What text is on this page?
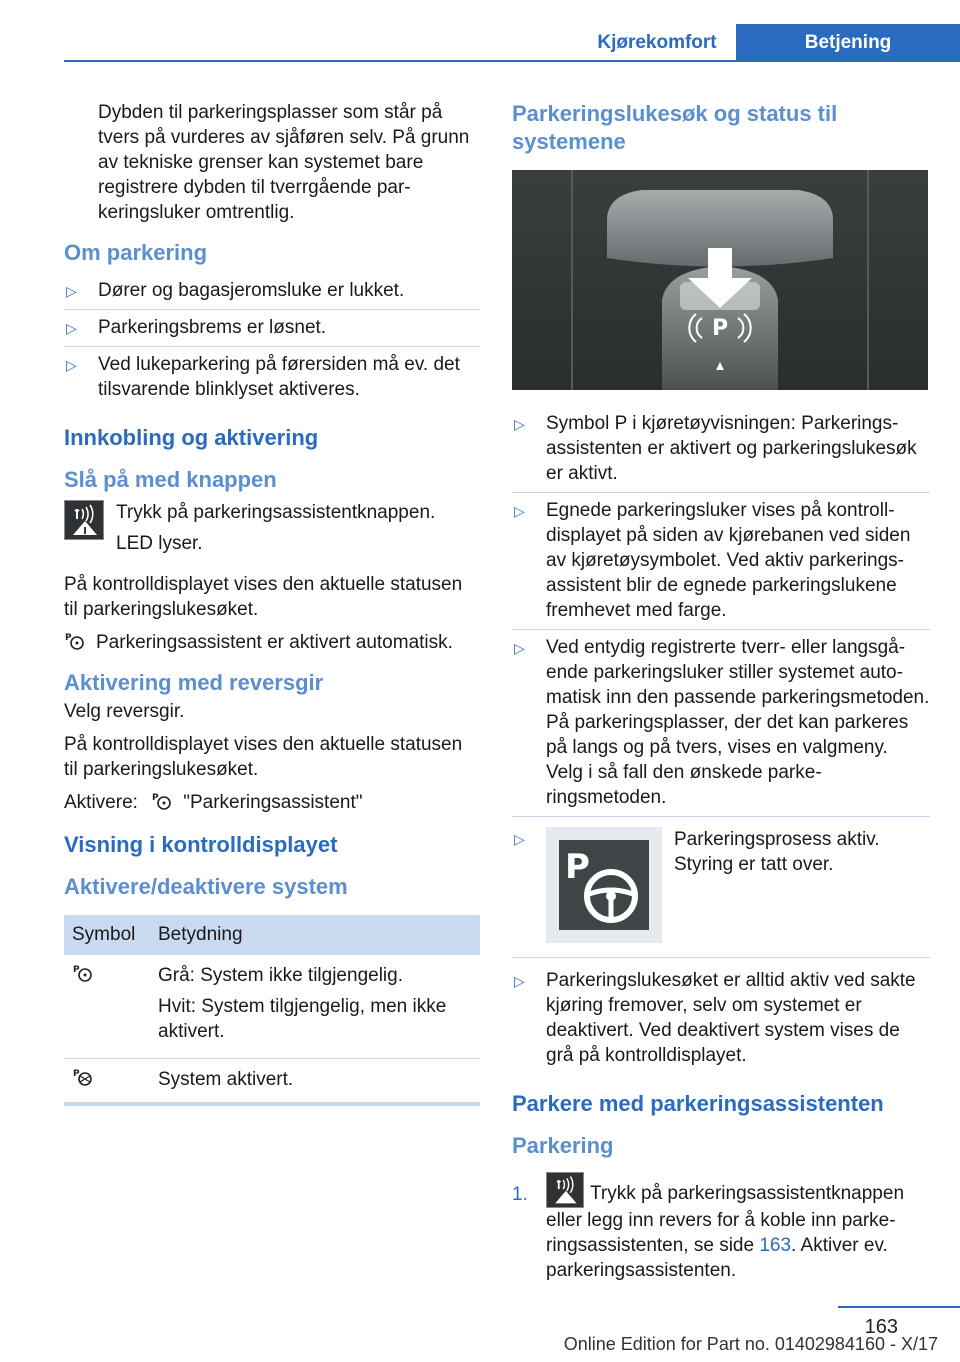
Kjørekomfort	Betjening

Dybden til parkeringsplasser som står på tvers på vurderes av sjåføren selv. På grunn av tekniske grenser kan systemet bare registrere dybden til tverrgående parkeringsluker omtrentlig.

Om parkering
▷ Dører og bagasjeromsluke er lukket.
▷ Parkeringsbrems er løsnet.
▷ Ved lukeparkering på førersiden må ev. det tilsvarende blinklyset aktiveres.
Innkobling og aktivering
Slå på med knappen

Trykk på parkeringsassistentknappen.

LED lyser.

På kontrolldisplayet vises den aktuelle statusen til parkeringslukesøket.

P Parkeringsassistent er aktivert automatisk.

Aktivering med reversgir

Velg reversgir.

På kontrolldisplayet vises den aktuelle statusen til parkeringslukesøket.

Aktivere: P "Parkeringsassistent"

Visning i kontrolldisplayet
Aktivere/deaktivere system
Symbol	Betydning

P	Grå: System ikke tilgjengelig.

Hvit: System tilgjengelig, men ikke aktivert.

P	System aktivert.
Parkeringslukesøk og status til systemene
P
▷ Symbol P i kjøretøyvisningen: Parkeringsassistenten er aktivert og parkeringslukesøk er aktivt.
▷ Egnede parkeringsluker vises på kontrolldisplayet på siden av kjørebanen ved siden av kjøretøysymbolet. Ved aktiv parkeringsassistent blir de egnede parkeringslukene fremhevet med farge.
▷ Ved entydig registrerte tverr- eller langsgående parkeringsluker stiller systemet automatisk inn den passende parkeringsmetoden. På parkeringsplasser, der det kan parkeres på langs og på tvers, vises en valgmeny. Velg i så fall den ønskede parkeringsmetoden.
▷
P
Parkeringsprosess aktiv.
Styring er tatt over.
▷ Parkeringslukesøket er alltid aktiv ved sakte kjøring fremover, selv om systemet er deaktivert. Ved deaktivert system vises de grå på kontrolldisplayet.
Parkere med parkeringsassistenten
Parkering
1.	Trykk på parkeringsassistentknappen eller legg inn revers for å koble inn parkeringsassistenten, se side 163. Aktiver ev. parkeringsassistenten.
163
Online Edition for Part no. 01402984160 - X/17
